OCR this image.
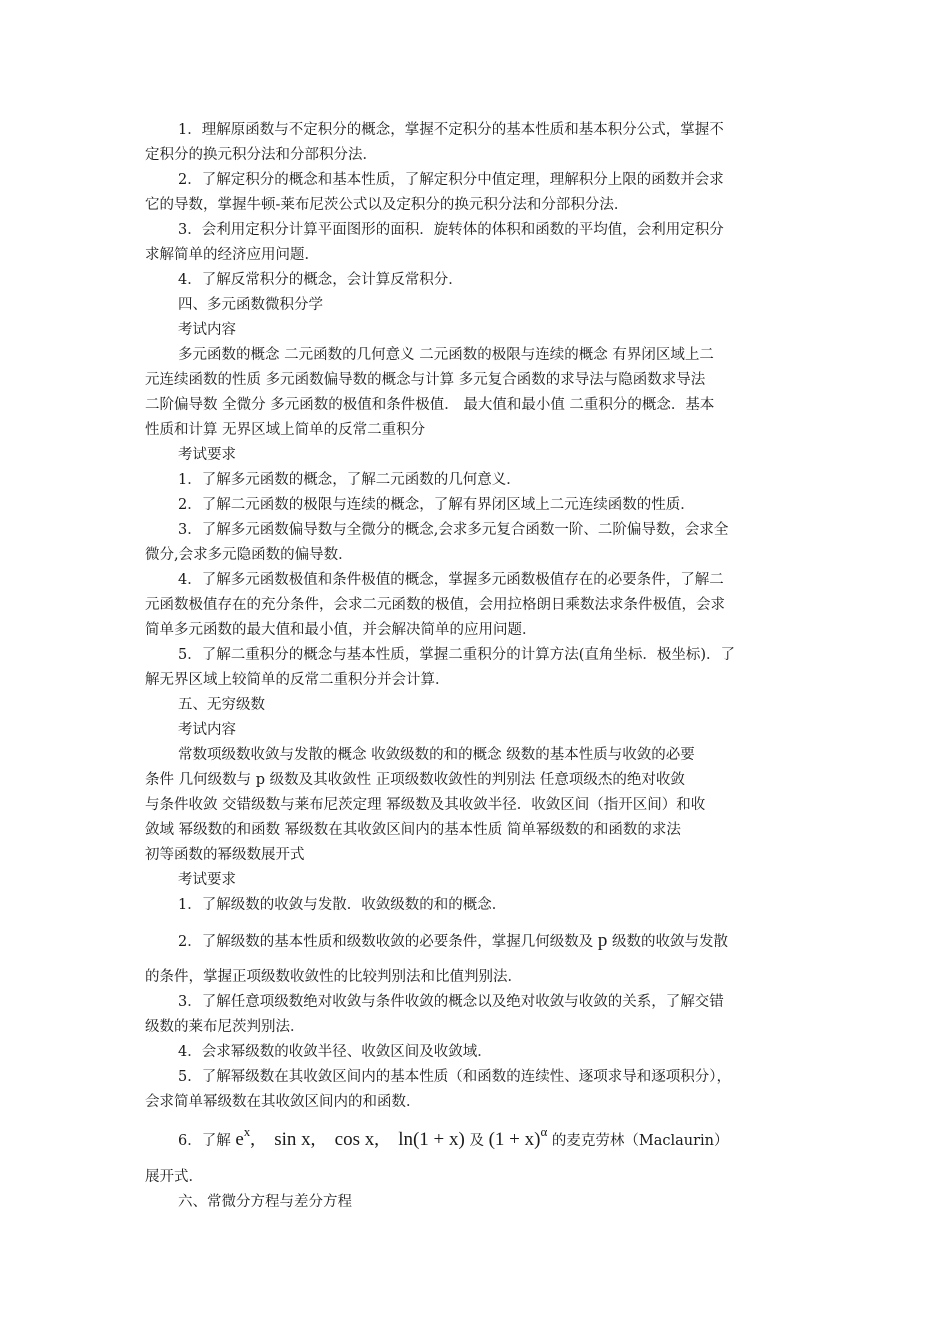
1．理解原函数与不定积分的概念，掌握不定积分的基本性质和基本积分公式，掌握不
定积分的换元积分法和分部积分法．
2．了解定积分的概念和基本性质，了解定积分中值定理，理解积分上限的函数并会求
它的导数，掌握牛顿-莱布尼茨公式以及定积分的换元积分法和分部积分法．
3．会利用定积分计算平面图形的面积．旋转体的体积和函数的平均值，会利用定积分
求解简单的经济应用问题．
4．了解反常积分的概念，会计算反常积分．
四、多元函数微积分学
考试内容
多元函数的概念 二元函数的几何意义 二元函数的极限与连续的概念 有界闭区域上二
元连续函数的性质 多元函数偏导数的概念与计算 多元复合函数的求导法与隐函数求导法
二阶偏导数 全微分 多元函数的极值和条件极值． 最大值和最小值 二重积分的概念．基本
性质和计算 无界区域上简单的反常二重积分
考试要求
1．了解多元函数的概念，了解二元函数的几何意义．
2．了解二元函数的极限与连续的概念，了解有界闭区域上二元连续函数的性质．
3．了解多元函数偏导数与全微分的概念,会求多元复合函数一阶、二阶偏导数，会求全
微分,会求多元隐函数的偏导数．
4．了解多元函数极值和条件极值的概念，掌握多元函数极值存在的必要条件，了解二
元函数极值存在的充分条件，会求二元函数的极值，会用拉格朗日乘数法求条件极值，会求
简单多元函数的最大值和最小值，并会解决简单的应用问题．
5．了解二重积分的概念与基本性质，掌握二重积分的计算方法(直角坐标．极坐标)．了
解无界区域上较简单的反常二重积分并会计算．
五、无穷级数
考试内容
常数项级数收敛与发散的概念 收敛级数的和的概念 级数的基本性质与收敛的必要
条件 几何级数与 p 级数及其收敛性 正项级数收敛性的判别法 任意项级杰的绝对收敛
与条件收敛 交错级数与莱布尼茨定理 幂级数及其收敛半径．收敛区间（指开区间）和收
敛域 幂级数的和函数 幂级数在其收敛区间内的基本性质 简单幂级数的和函数的求法
初等函数的幂级数展开式
考试要求
1．了解级数的收敛与发散．收敛级数的和的概念．
2．了解级数的基本性质和级数收敛的必要条件，掌握几何级数及 p 级数的收敛与发散
的条件，掌握正项级数收敛性的比较判别法和比值判别法．
3．了解任意项级数绝对收敛与条件收敛的概念以及绝对收敛与收敛的关系，了解交错
级数的莱布尼茨判别法．
4．会求幂级数的收敛半径、收敛区间及收敛域．
5．了解幂级数在其收敛区间内的基本性质（和函数的连续性、逐项求导和逐项积分），
会求简单幂级数在其收敛区间内的和函数．
6．了解 $e^x$, sin x, cos x, ln(1 + x) 及 $(1 + x)^\alpha$ 的麦克劳林（Maclaurin）
展开式．
六、常微分方程与差分方程
